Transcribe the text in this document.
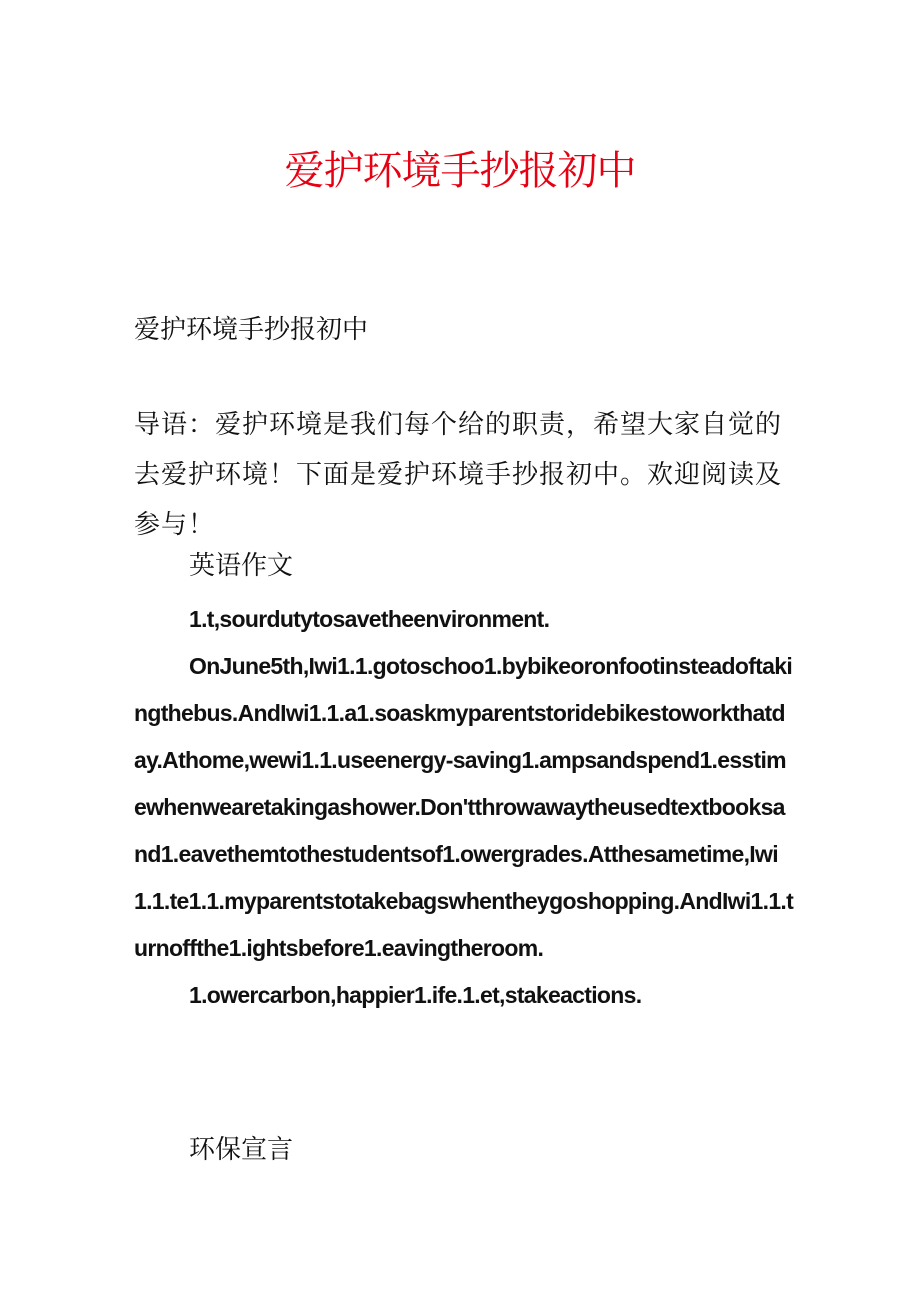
爱护环境手抄报初中
爱护环境手抄报初中
导语：爱护环境是我们每个给的职责，希望大家自觉的去爱护环境！下面是爱护环境手抄报初中。欢迎阅读及参与！
英语作文

1.t,sourdutytosavetheenvironment.

OnJune5th,Iwi1.1.gotoschoo1.bybikeoronfootinsteadoftakingthebus.AndIwi1.1.a1.soaskmyparentstoridebikestoworkthatday.Athome,wewi1.1.useenergy-saving1.ampsandspend1.esstimewhenwearetakingashower.Don'tthrowawaytheusedtextbooksand1.eavethemtothestudentsof1.owergrades.Atthesametime,Iwi1.1.te1.1.myparentstotakebagswhentheygoshopping.AndIwi1.1.turnoffthe1.ightsbefore1.eavingtheroom.

1.owercarbon,happier1.ife.1.et,stakeactions.

环保宣言
